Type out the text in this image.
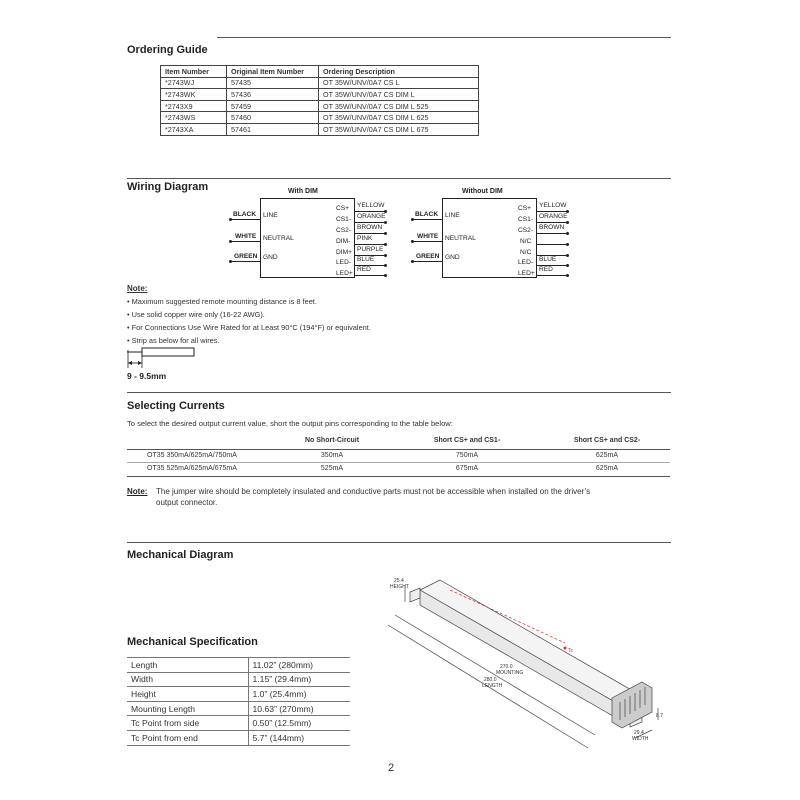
Ordering Guide
Item Number	Original Item Number	Ordering Description
*2743WJ	57435	OT 35W/UNV/0A7 CS L
*2743WK	57436	OT 35W/UNV/0A7 CS DIM L
*2743X9	57459	OT 35W/UNV/0A7 CS DIM L 525
*2743WS	57460	OT 35W/UNV/0A7 CS DIM L 625
*2743XA	57461	OT 35W/UNV/0A7 CS DIM L 675
Wiring Diagram	With DIM
LINE
NEUTRAL
GND
BLACK
WHITE
GREEN
CS+
CS1-
CS2-
DIM-
DIM+
LED-
LED+
YELLOW
ORANGE
BROWN
PINK
PURPLE
BLUE
RED
Without DIM
LINE
NEUTRAL
GND
BLACK
WHITE
GREEN
CS+
CS1-
CS2-
N/C
N/C
LED-
LED+
YELLOW
ORANGE
BROWN
BLUE
RED
Note:
• Maximum suggested remote mounting distance is 8 feet.
• Use solid copper wire only (16-22 AWG).
• For Connections Use Wire Rated for at Least 90°C (194°F) or equivalent.
• Strip as below for all wires.
9 - 9.5mm
Selecting Currents
To select the desired output current value, short the output pins corresponding to the table below:
No Short-Circuit	Short CS+ and CS1-	Short CS+ and CS2-
OT35 350mA/625mA/750mA	350mA	750mA	625mA
OT35 525mA/625mA/675mA	525mA	675mA	625mA
Note: The jumper wire should be completely insulated and conductive parts must not be accessible when installed on the driver’s
output connector.
Mechanical Diagram
25.4
HEIGHT
270.0
MOUNTING
280.0
LENGTH
29.4
WIDTH
8.7
Tc
Mechanical Specification
Length	11.02” (280mm)
Width	1.15” (29.4mm)
Height	1.0” (25.4mm)
Mounting Length	10.63” (270mm)
Tc Point from side	0.50” (12.5mm)
Tc Point from end	5.7” (144mm)
2
